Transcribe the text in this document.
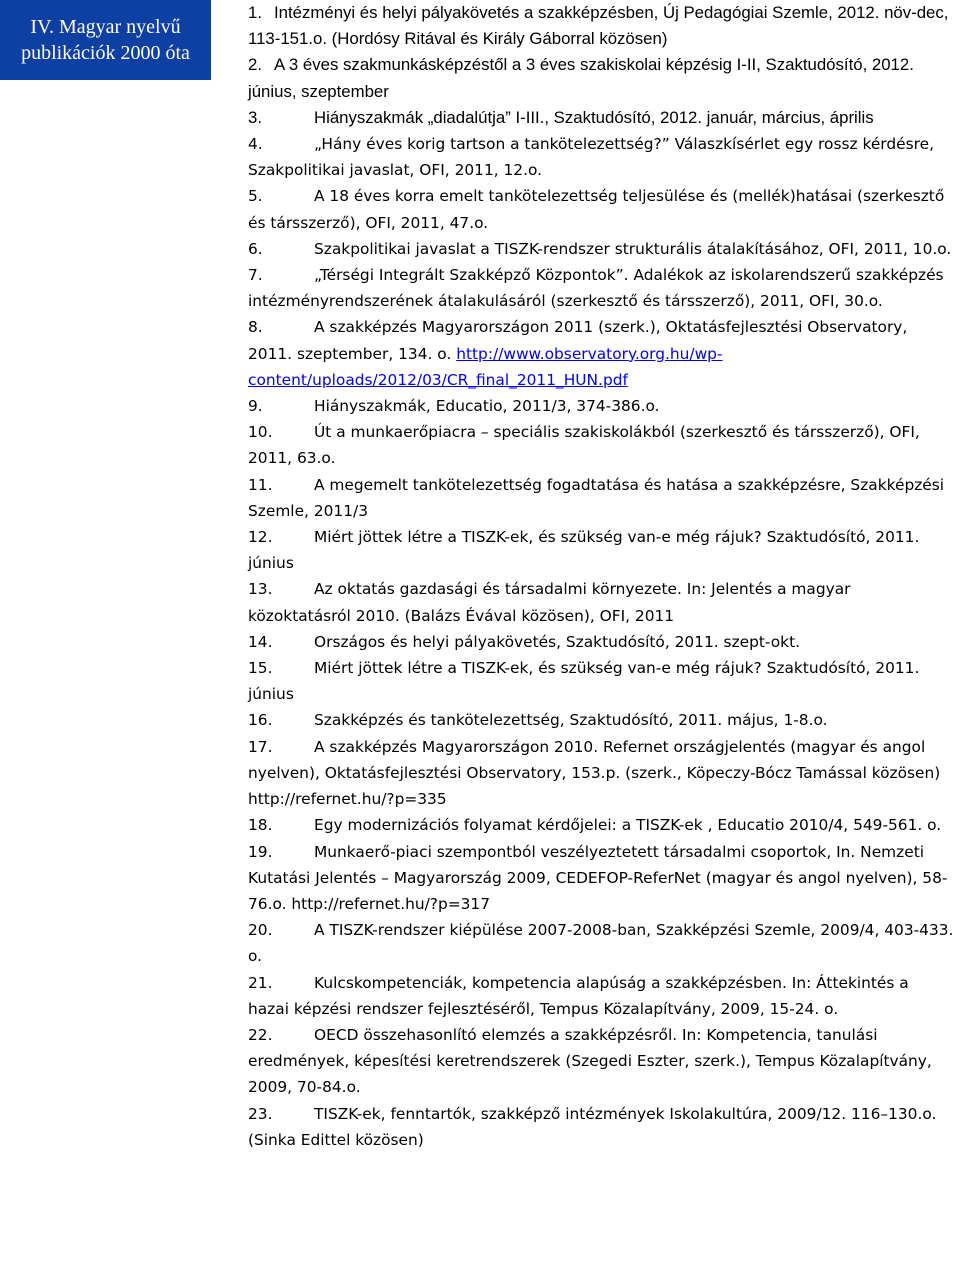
IV. Magyar nyelvű
publikációk 2000 óta
1. Intézményi és helyi pályakövetés a szakképzésben, Új Pedagógiai Szemle, 2012. növ-dec, 113-151.o. (Hordósy Ritával és Király Gáborral közösen)
2. A 3 éves szakmunkásképzéstől a 3 éves szakiskolai képzésig I-II, Szaktudósító, 2012. június, szeptember
3.	Hiányszakmák „diadalútja” I-III., Szaktudósító, 2012. január, március, április
4.	„Hány éves korig tartson a tankötelezettség?” Válaszkísérlet egy rossz kérdésre, Szakpolitikai javaslat, OFI, 2011, 12.o.
5.	A 18 éves korra emelt tankötelezettség teljesülése és (mellék)hatásai (szerkesztő és társszerző), OFI, 2011, 47.o.
6.	Szakpolitikai javaslat a TISZK-rendszer strukturális átalakításához, OFI, 2011, 10.o.
7.	„Térségi Integrált Szakképző Központok”. Adalékok az iskolarendszerű szakképzés intézményrendszerének átalakulásáról (szerkesztő és társszerző), 2011, OFI, 30.o.
8.	A szakképzés Magyarországon 2011 (szerk.), Oktatásfejlesztési Observatory, 2011. szeptember, 134. o. http://www.observatory.org.hu/wp-content/uploads/2012/03/CR_final_2011_HUN.pdf
9.	Hiányszakmák, Educatio, 2011/3, 374-386.o.
10.	Út a munkaerőpiacra – speciális szakiskolákból (szerkesztő és társszerző), OFI, 2011, 63.o.
11.	A megemelt tankötelezettség fogadtatása és hatása a szakképzésre, Szakképzési Szemle, 2011/3
12.	Miért jöttek létre a TISZK-ek, és szükség van-e még rájuk? Szaktudósító, 2011. június
13.	Az oktatás gazdasági és társadalmi környezete. In: Jelentés a magyar közoktatásról 2010. (Balázs Évával közösen), OFI, 2011
14.	Országos és helyi pályakövetés, Szaktudósító, 2011. szept-okt.
15.	Miért jöttek létre a TISZK-ek, és szükség van-e még rájuk? Szaktudósító, 2011. június
16.	Szakképzés és tankötelezettség, Szaktudósító, 2011. május, 1-8.o.
17.	A szakképzés Magyarországon 2010. Refernet országjelentés (magyar és angol nyelven), Oktatásfejlesztési Observatory, 153.p. (szerk., Köpeczy-Bócz Tamással közösen) http://refernet.hu/?p=335
18.	Egy modernizációs folyamat kérdőjelei: a TISZK-ek , Educatio 2010/4, 549-561. o.
19.	Munkaerő-piaci szempontból veszélyeztetett társadalmi csoportok, In. Nemzeti Kutatási Jelentés – Magyarország 2009, CEDEFOP-ReferNet (magyar és angol nyelven), 58-76.o. http://refernet.hu/?p=317
20.	A TISZK-rendszer kiépülése 2007-2008-ban, Szakképzési Szemle, 2009/4, 403-433. o.
21.	Kulcskompetenciák, kompetencia alapúság a szakképzésben. In: Áttekintés a hazai képzési rendszer fejlesztéséről, Tempus Közalapítvány, 2009, 15-24. o.
22.	OECD összehasonlító elemzés a szakképzésről. In: Kompetencia, tanulási eredmények, képesítési keretrendszerek (Szegedi Eszter, szerk.), Tempus Közalapítvány, 2009, 70-84.o.
23.	TISZK-ek, fenntartók, szakképző intézmények Iskolakultúra, 2009/12. 116–130.o. (Sinka Edittel közösen)
